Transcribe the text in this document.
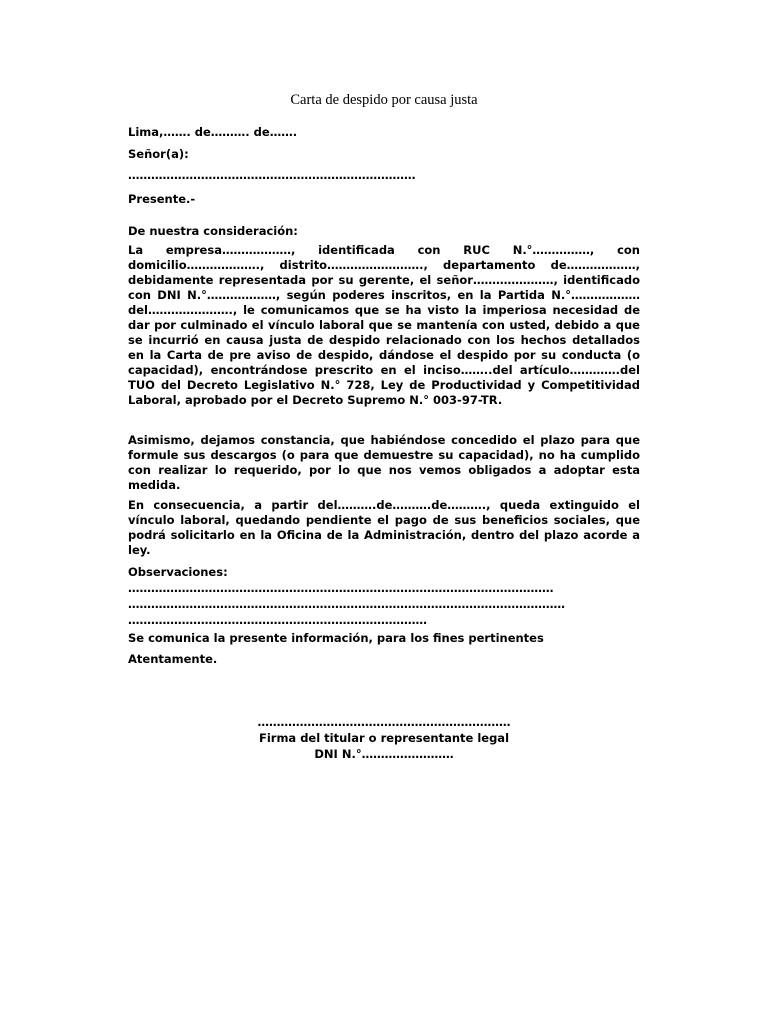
Carta de despido por causa justa

Lima,……. de………. de…….

Señor(a):

…………………………………………………………………

Presente.-

De nuestra consideración:

La empresa………………, identificada con RUC N.°……………, con domicilio………………., distrito……………………., departamento de………………, debidamente representada por su gerente, el señor…………………, identificado con DNI N.°………………, según poderes inscritos, en la Partida N.°……………… del…………………., le comunicamos que se ha visto la imperiosa necesidad de dar por culminado el vínculo laboral que se mantenía con usted, debido a que se incurrió en causa justa de despido relacionado con los hechos detallados en la Carta de pre aviso de despido, dándose el despido por su conducta (o capacidad), encontrándose prescrito en el inciso……..del artículo………….del TUO del Decreto Legislativo N.° 728, Ley de Productividad y Competitividad Laboral, aprobado por el Decreto Supremo N.° 003-97-TR.

Asimismo, dejamos constancia, que habiéndose concedido el plazo para que formule sus descargos (o para que demuestre su capacidad), no ha cumplido con realizar lo requerido, por lo que nos vemos obligados a adoptar esta medida.

En consecuencia, a partir del……….de……….de………., queda extinguido el vínculo laboral, quedando pendiente el pago de sus beneficios sociales, que podrá solicitarlo en la Oficina de la Administración, dentro del plazo acorde a ley.

Observaciones:

…………………………………………………………………………………………………

……………………………………………………………………………………………………

……………………………………………………………………

Se comunica la presente información, para los fines pertinentes

Atentamente.

…………………………………………………………

Firma del titular o representante legal

DNI N.°……………………
